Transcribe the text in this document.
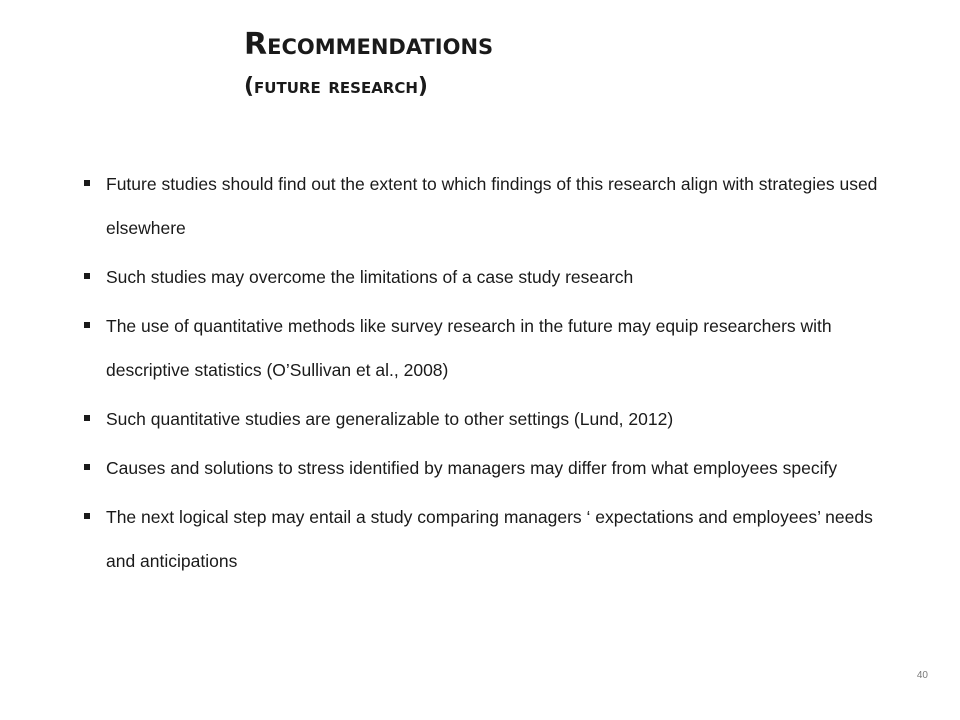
Recommendations
(future research)
Future studies should find out the extent to which findings of this research align with strategies used elsewhere
Such studies may overcome the limitations of a case study research
The use of quantitative methods like survey research in the future may equip researchers with descriptive statistics (O’Sullivan et al., 2008)
Such quantitative studies are generalizable to other settings (Lund, 2012)
Causes and solutions to stress identified by managers may differ from what employees specify
The next logical step may entail a study comparing managers ‘ expectations and employees’ needs and anticipations
40
